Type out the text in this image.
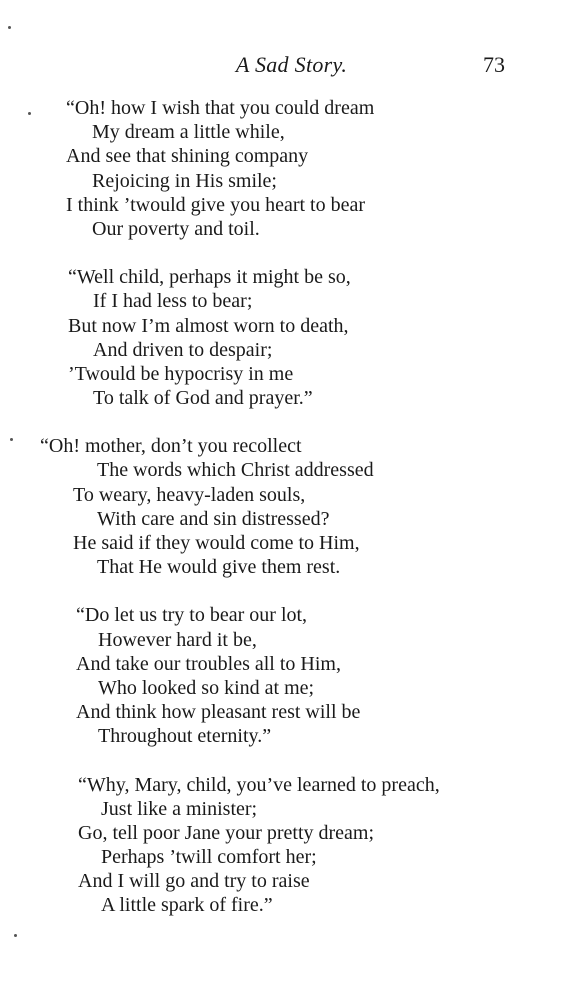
A Sad Story.	73
“Oh! how I wish that you could dream
My dream a little while,
And see that shining company
Rejoicing in His smile;
I think ’twould give you heart to bear
Our poverty and toil.
“Well child, perhaps it might be so,
If I had less to bear;
But now I’m almost worn to death,
And driven to despair;
’Twould be hypocrisy in me
To talk of God and prayer.”
“Oh! mother, don’t you recollect
The words which Christ addressed
To weary, heavy-laden souls,
With care and sin distressed?
He said if they would come to Him,
That He would give them rest.
“Do let us try to bear our lot,
However hard it be,
And take our troubles all to Him,
Who looked so kind at me;
And think how pleasant rest will be
Throughout eternity.”
“Why, Mary, child, you’ve learned to preach,
Just like a minister;
Go, tell poor Jane your pretty dream;
Perhaps ’twill comfort her;
And I will go and try to raise
A little spark of fire.”
